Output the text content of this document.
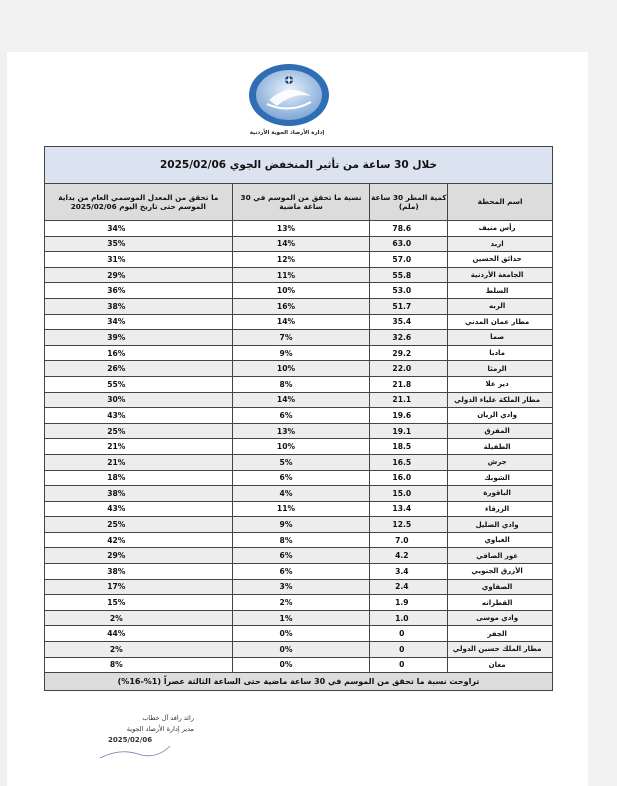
إدارة الأرصاد الجوية الأردنية
خلال 30 ساعة من تأثير المنخفض الجوي 2025/02/06			
اسم المحطة	كمية المطر 30 ساعة (ملم)	نسبة ما تحقق من الموسم في 30 ساعة ماضية	ما تحقق من المعدل الموسمي العام من بداية الموسم حتى تاريخ اليوم 2025/02/06
رأس منيف	78.6	13%	34%
اربد	63.0	14%	35%
حدائق الحسين	57.0	12%	31%
الجامعة الأردنية	55.8	11%	29%
السلط	53.0	10%	36%
الربه	51.7	16%	38%
مطار عمان المدني	35.4	14%	34%
صما	32.6	7%	39%
مادبا	29.2	9%	16%
الرمثا	22.0	10%	26%
دير علا	21.8	8%	55%
مطار الملكة علياء الدولي	21.1	14%	30%
وادي الريان	19.6	6%	43%
المفرق	19.1	13%	25%
الطفيلة	18.5	10%	21%
جرش	16.5	5%	21%
الشوبك	16.0	6%	18%
الباقورة	15.0	4%	38%
الزرقاء	13.4	11%	43%
وادي الضليل	12.5	9%	25%
الغباوي	7.0	8%	42%
غور الصافي	4.2	6%	29%
الأزرق الجنوبي	3.4	6%	38%
الصفاوي	2.4	3%	17%
القطرانه	1.9	2%	15%
وادي موسى	1.0	1%	2%
الجفر	0	0%	44%
مطار الملك حسين الدولي	0	0%	2%
معان	0	0%	8%
تراوحت نسبة ما تحقق من الموسم في 30 ساعة ماضية حتى الساعة الثالثة عصراً (1%-16%)			
رائد رافد آل خطاب
مدير إدارة الأرصاد الجوية
2025/02/06
